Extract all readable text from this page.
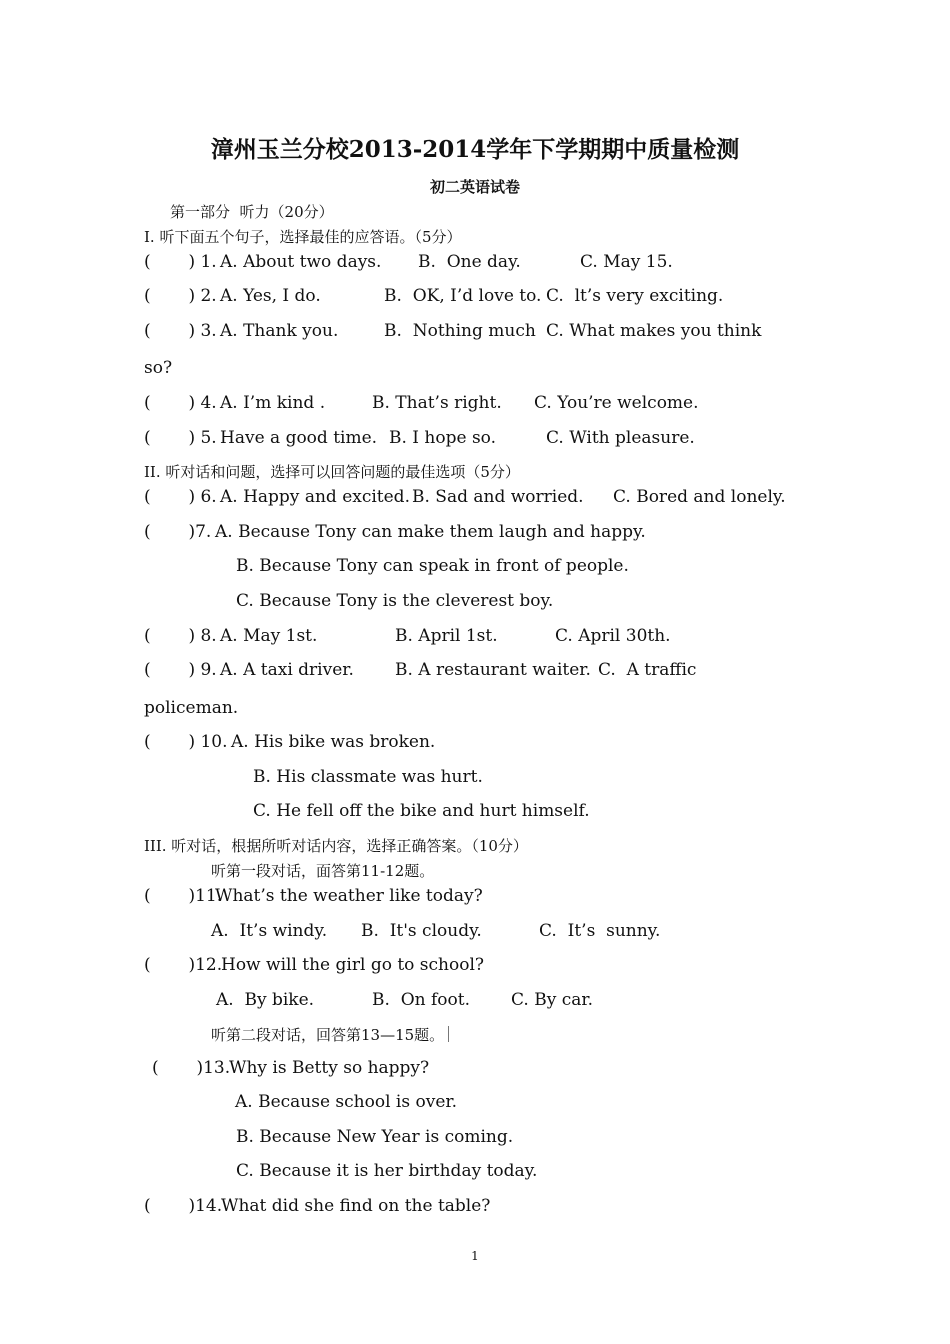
漳州玉兰分校2013-2014学年下学期期中质量检测
初二英语试卷
第一部分  听力（20分）
I. 听下面五个句子，选择最佳的应答语。（5分）
(       ) 1. A. About two days. B.  One day.	C. May 15.
(       ) 2. A. Yes, I do.	B.  OK, I’d love to. C.  lt’s very exciting.
(       ) 3. A. Thank you.	B.  Nothing much C. What makes you think
so?
(       ) 4. A. I’m kind .	B. That’s right. C. You’re welcome.
(       ) 5. Have a good time. B. I hope so.	C. With pleasure.
II. 听对话和问题，选择可以回答问题的最佳选项（5分）
(       ) 6. A. Happy and excited. B. Sad and worried. C. Bored and lonely.
(       )7. A. Because Tony can make them laugh and happy.
B. Because Tony can speak in front of people.
C. Because Tony is the cleverest boy.
(       ) 8. A. May 1st.	B. April 1st.	C. April 30th.
(       ) 9. A. A taxi driver. B. A restaurant waiter. C.  A traffic
policeman.
(       ) 10. A. His bike was broken.
B. His classmate was hurt.
C. He fell off the bike and hurt himself.
III. 听对话，根据所听对话内容，选择正确答案。（10分）
听第一段对话，面答第11-12题。
(       )11.
What’s the weather like today?
A.  It’s windy. B.  It's cloudy.	C.  It’s  sunny.
(       )12.
How will the girl go to school?
A.  By bike.	B.  On foot. C. By car.
听第二段对话，回答第13—15题。
(       )13.
Why is Betty so happy?
A. Because school is over.
B. Because New Year is coming.
C. Because it is her birthday today.
(       )14.
What did she find on the table?
1
